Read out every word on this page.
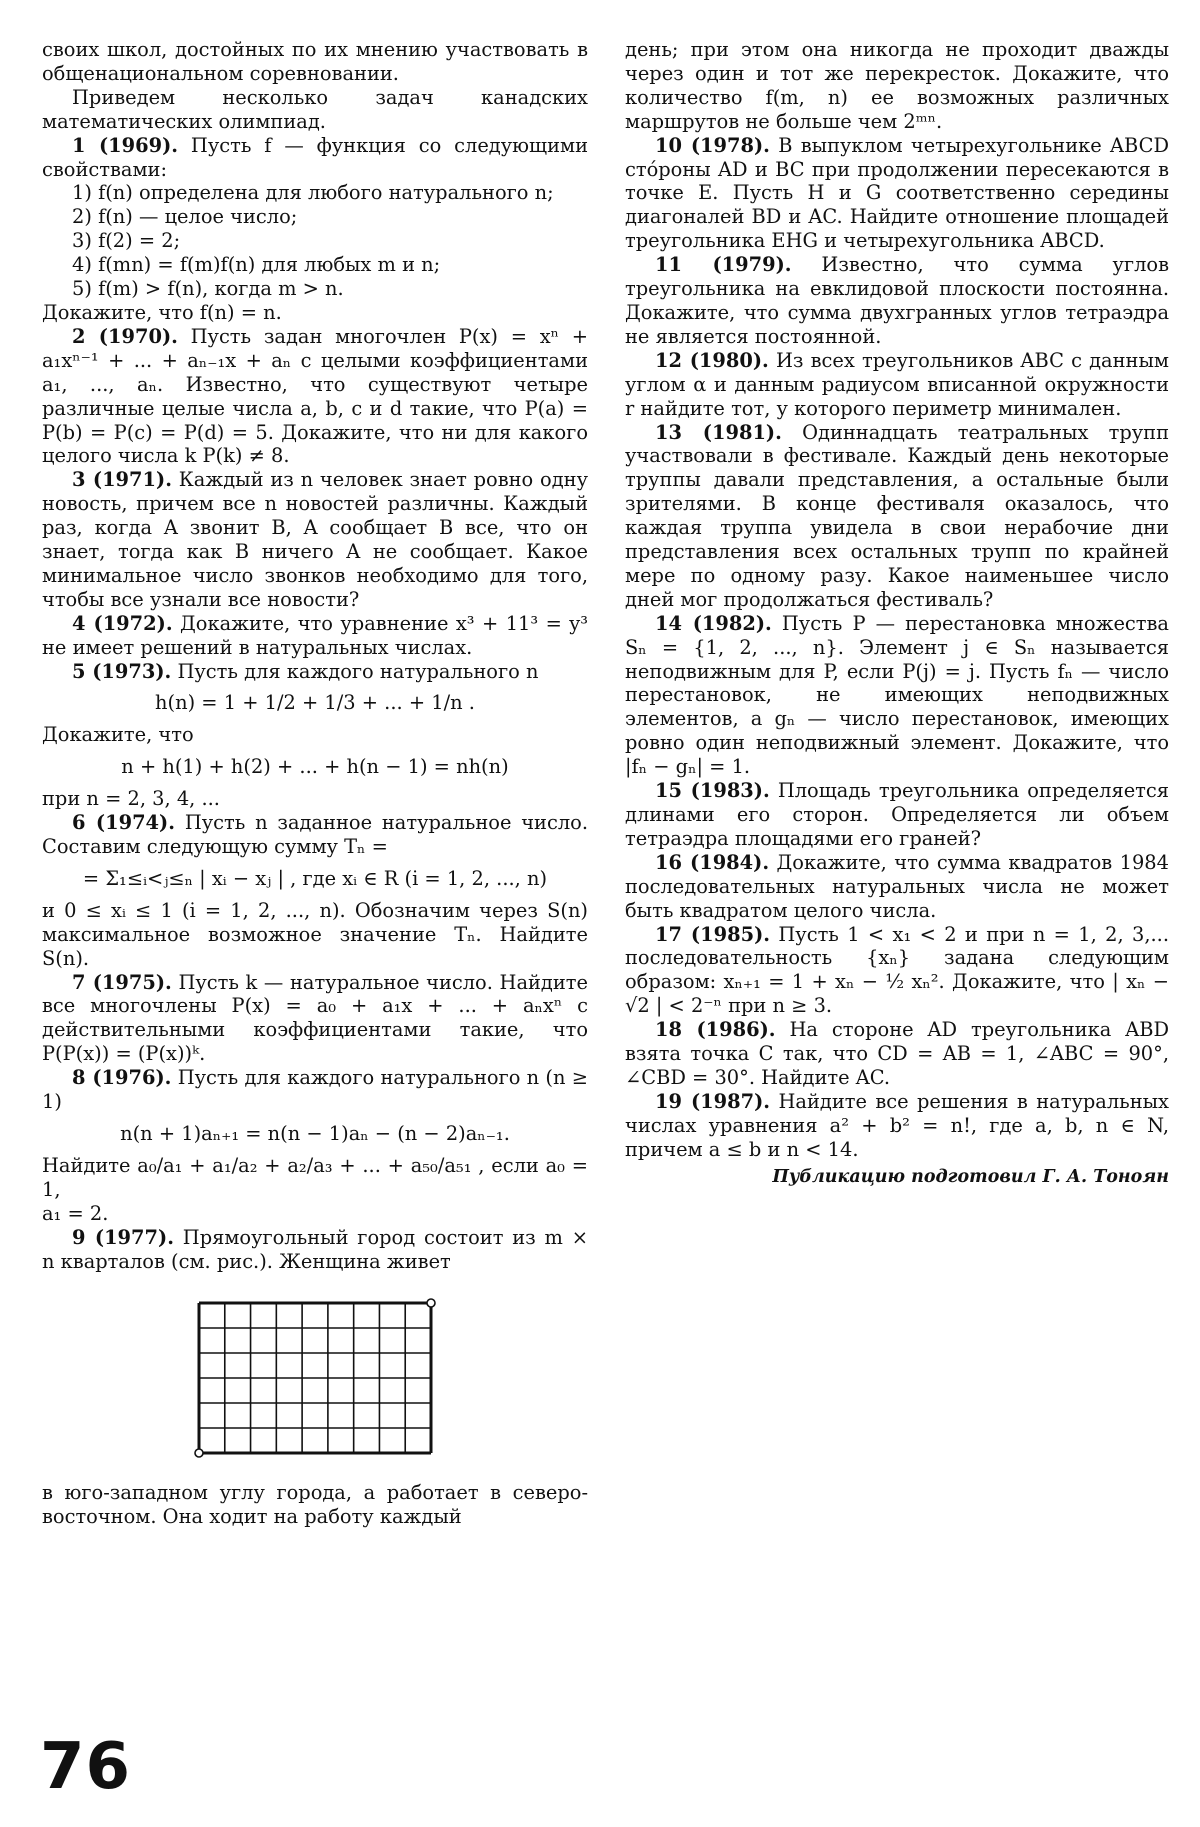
своих школ, достойных по их мнению участвовать в общенациональном соревновании.

Приведем несколько задач канадских математических олимпиад.

1 (1969). Пусть f — функция со следующими свойствами:

1) f(n) определена для любого натурального n;

2) f(n) — целое число;

3) f(2) = 2;

4) f(mn) = f(m)f(n) для любых m и n;

5) f(m) > f(n), когда m > n.

Докажите, что f(n) = n.

2 (1970). Пусть задан многочлен P(x) = xⁿ + a₁xⁿ⁻¹ + ... + aₙ₋₁x + aₙ с целыми коэффициентами a₁, ..., aₙ. Известно, что существуют четыре различные целые числа a, b, c и d такие, что P(a) = P(b) = P(c) = P(d) = 5. Докажите, что ни для какого целого числа k P(k) ≠ 8.

3 (1971). Каждый из n человек знает ровно одну новость, причем все n новостей различны. Каждый раз, когда A звонит B, A сообщает B все, что он знает, тогда как B ничего A не сообщает. Какое минимальное число звонков необходимо для того, чтобы все узнали все новости?

4 (1972). Докажите, что уравнение x³ + 11³ = y³ не имеет решений в натуральных числах.

5 (1973). Пусть для каждого натурального n

h(n) = 1 + 1/2 + 1/3 + ... + 1/n .

Докажите, что

n + h(1) + h(2) + ... + h(n − 1) = nh(n)

при n = 2, 3, 4, ...

6 (1974). Пусть n заданное натуральное число. Составим следующую сумму Tₙ =

= Σ₁≤ᵢ<ⱼ≤ₙ | xᵢ − xⱼ | , где xᵢ ∈ R (i = 1, 2, ..., n)

и 0 ≤ xᵢ ≤ 1 (i = 1, 2, ..., n). Обозначим через S(n) максимальное возможное значение Tₙ. Найдите S(n).

7 (1975). Пусть k — натуральное число. Найдите все многочлены P(x) = a₀ + a₁x + ... + aₙxⁿ с действительными коэффициентами такие, что P(P(x)) = (P(x))ᵏ.

8 (1976). Пусть для каждого натурального n (n ≥ 1)

n(n + 1)aₙ₊₁ = n(n − 1)aₙ − (n − 2)aₙ₋₁.

Найдите a₀/a₁ + a₁/a₂ + a₂/a₃ + ... + a₅₀/a₅₁ , если a₀ = 1,

a₁ = 2.

9 (1977). Прямоугольный город состоит из m × n кварталов (см. рис.). Женщина живет

в юго-западном углу города, а работает в северо-восточном. Она ходит на работу каждый

день; при этом она никогда не проходит дважды через один и тот же перекресток. Докажите, что количество f(m, n) ее возможных различных маршрутов не больше чем 2ᵐⁿ.

10 (1978). В выпуклом четырехугольнике ABCD стóроны AD и BC при продолжении пересекаются в точке E. Пусть H и G соответственно середины диагоналей BD и AC. Найдите отношение площадей треугольника EHG и четырехугольника ABCD.

11 (1979). Известно, что сумма углов треугольника на евклидовой плоскости постоянна. Докажите, что сумма двухгранных углов тетраэдра не является постоянной.

12 (1980). Из всех треугольников ABC с данным углом α и данным радиусом вписанной окружности r найдите тот, у которого периметр минимален.

13 (1981). Одиннадцать театральных трупп участвовали в фестивале. Каждый день некоторые труппы давали представления, а остальные были зрителями. В конце фестиваля оказалось, что каждая труппа увидела в свои нерабочие дни представления всех остальных трупп по крайней мере по одному разу. Какое наименьшее число дней мог продолжаться фестиваль?

14 (1982). Пусть P — перестановка множества Sₙ = {1, 2, ..., n}. Элемент j ∈ Sₙ называется неподвижным для P, если P(j) = j. Пусть fₙ — число перестановок, не имеющих неподвижных элементов, а gₙ — число перестановок, имеющих ровно один неподвижный элемент. Докажите, что |fₙ − gₙ| = 1.

15 (1983). Площадь треугольника определяется длинами его сторон. Определяется ли объем тетраэдра площадями его граней?

16 (1984). Докажите, что сумма квадратов 1984 последовательных натуральных числа не может быть квадратом целого числа.

17 (1985). Пусть 1 < x₁ < 2 и при n = 1, 2, 3,... последовательность {xₙ} задана следующим образом: xₙ₊₁ = 1 + xₙ − ½ xₙ². Докажите, что | xₙ − √2 | < 2⁻ⁿ при n ≥ 3.

18 (1986). На стороне AD треугольника ABD взята точка C так, что CD = AB = 1, ∠ABC = 90°, ∠CBD = 30°. Найдите AC.

19 (1987). Найдите все решения в натуральных числах уравнения a² + b² = n!, где a, b, n ∈ N, причем a ≤ b и n < 14.

Публикацию подготовил Г. А. Тоноян

76
